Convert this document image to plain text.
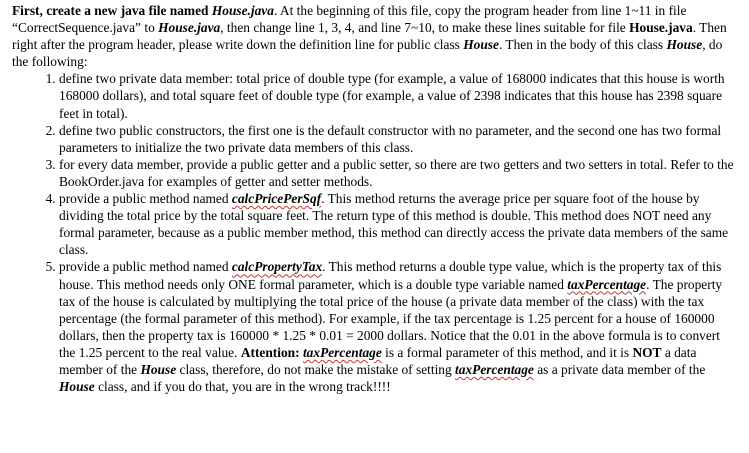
First, create a new java file named House.java. At the beginning of this file, copy the program header from line 1~11 in file “CorrectSequence.java” to House.java, then change line 1, 3, 4, and line 7~10, to make these lines suitable for file House.java. Then right after the program header, please write down the definition line for public class House. Then in the body of this class House, do the following:

1. define two private data member: total price of double type (for example, a value of 168000 indicates that this house is worth 168000 dollars), and total square feet of double type (for example, a value of 2398 indicates that this house has 2398 square feet in total).
2. define two public constructors, the first one is the default constructor with no parameter, and the second one has two formal parameters to initialize the two private data members of this class.
3. for every data member, provide a public getter and a public setter, so there are two getters and two setters in total. Refer to the BookOrder.java for examples of getter and setter methods.
4. provide a public method named calcPricePerSqf. This method returns the average price per square foot of the house by dividing the total price by the total square feet. The return type of this method is double. This method does NOT need any formal parameter, because as a public member method, this method can directly access the private data members of the same class.
5. provide a public method named calcPropertyTax. This method returns a double type value, which is the property tax of this house. This method needs only ONE formal parameter, which is a double type variable named taxPercentage. The property tax of the house is calculated by multiplying the total price of the house (a private data member of the class) with the tax percentage (the formal parameter of this method). For example, if the tax percentage is 1.25 percent for a house of 160000 dollars, then the property tax is 160000 * 1.25 * 0.01 = 2000 dollars. Notice that the 0.01 in the above formula is to convert the 1.25 percent to the real value. Attention: taxPercentage is a formal parameter of this method, and it is NOT a data member of the House class, therefore, do not make the mistake of setting taxPercentage as a private data member of the House class, and if you do that, you are in the wrong track!!!!
